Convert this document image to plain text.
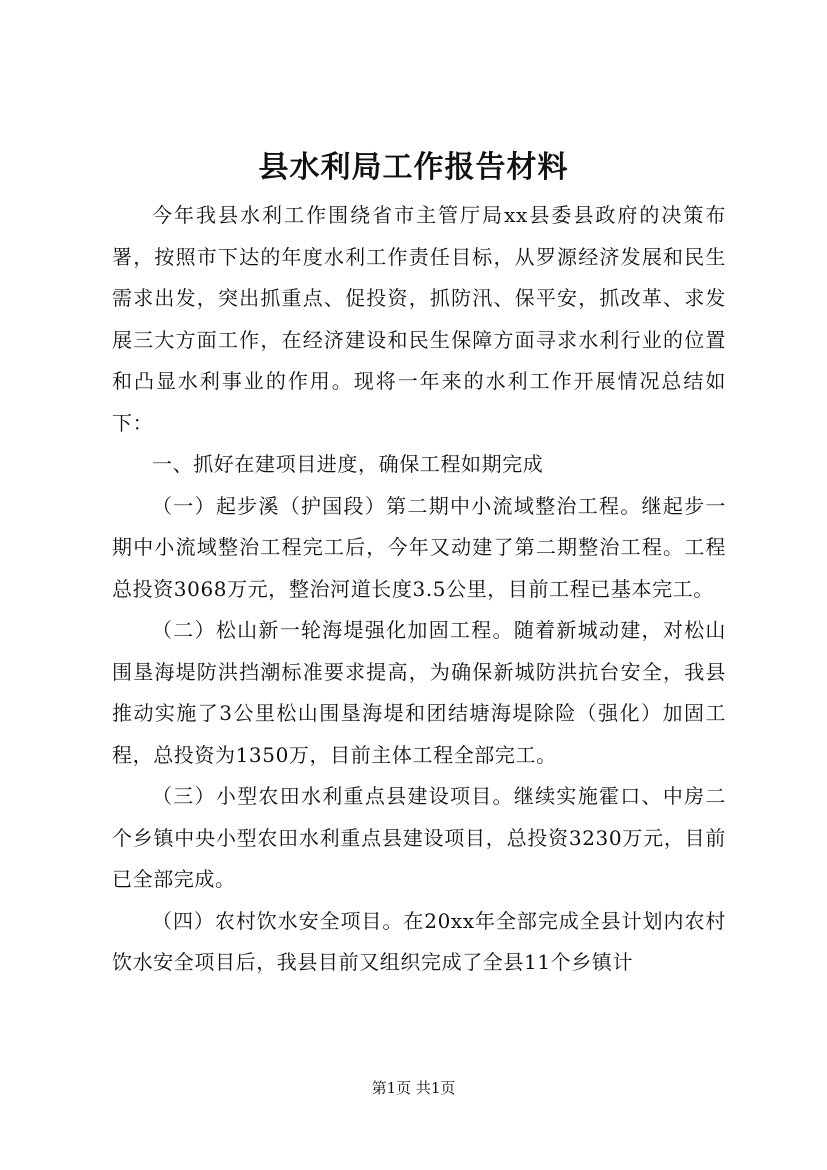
县水利局工作报告材料

今年我县水利工作围绕省市主管厅局xx县委县政府的决策布署，按照市下达的年度水利工作责任目标，从罗源经济发展和民生需求出发，突出抓重点、促投资，抓防汛、保平安，抓改革、求发展三大方面工作，在经济建设和民生保障方面寻求水利行业的位置和凸显水利事业的作用。现将一年来的水利工作开展情况总结如下：

一、抓好在建项目进度，确保工程如期完成

（一）起步溪（护国段）第二期中小流域整治工程。继起步一期中小流域整治工程完工后，今年又动建了第二期整治工程。工程总投资3068万元，整治河道长度3.5公里，目前工程已基本完工。

（二）松山新一轮海堤强化加固工程。随着新城动建，对松山围垦海堤防洪挡潮标准要求提高，为确保新城防洪抗台安全，我县推动实施了3公里松山围垦海堤和团结塘海堤除险（强化）加固工程，总投资为1350万，目前主体工程全部完工。

（三）小型农田水利重点县建设项目。继续实施霍口、中房二个乡镇中央小型农田水利重点县建设项目，总投资3230万元，目前已全部完成。

（四）农村饮水安全项目。在20xx年全部完成全县计划内农村饮水安全项目后，我县目前又组织完成了全县11个乡镇计

第1页 共1页
